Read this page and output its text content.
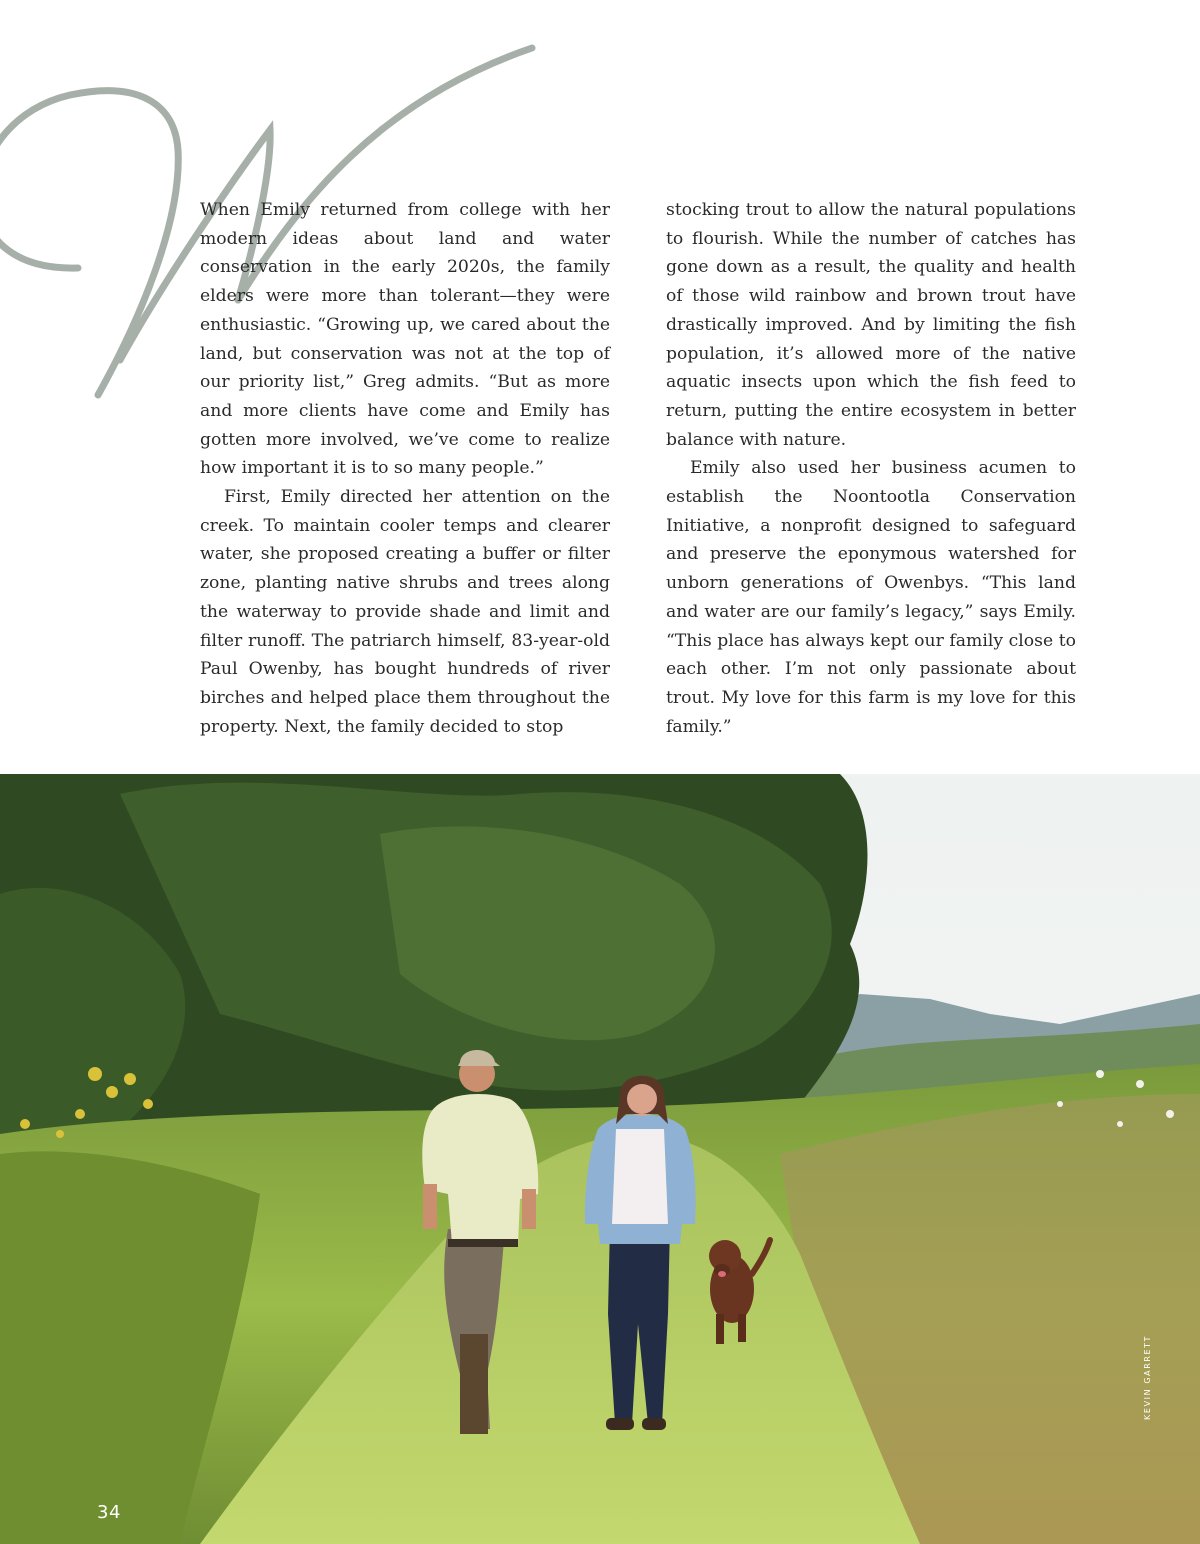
When Emily returned from college with her modern ideas about land and water conservation in the early 2020s, the family elders were more than tolerant—they were enthusiastic. “Growing up, we cared about the land, but conservation was not at the top of our priority list,” Greg admits. “But as more and more clients have come and Emily has gotten more involved, we’ve come to realize how important it is to so many people.”

First, Emily directed her attention on the creek. To maintain cooler temps and clearer water, she proposed creating a buffer or filter zone, planting native shrubs and trees along the waterway to provide shade and limit and filter runoff. The patriarch himself, 83-year-old Paul Owenby, has bought hundreds of river birches and helped place them throughout the property. Next, the family decided to stop

stocking trout to allow the natural populations to flourish. While the number of catches has gone down as a result, the quality and health of those wild rainbow and brown trout have drastically improved. And by limiting the fish population, it’s allowed more of the native aquatic insects upon which the fish feed to return, putting the entire ecosystem in better balance with nature.

Emily also used her business acumen to establish the Noontootla Conservation Initiative, a nonprofit designed to safeguard and preserve the eponymous watershed for unborn generations of Owenbys. “This land and water are our family’s legacy,” says Emily. “This place has always kept our family close to each other. I’m not only passionate about trout. My love for this farm is my love for this family.”

KEVIN GARRETT
34
